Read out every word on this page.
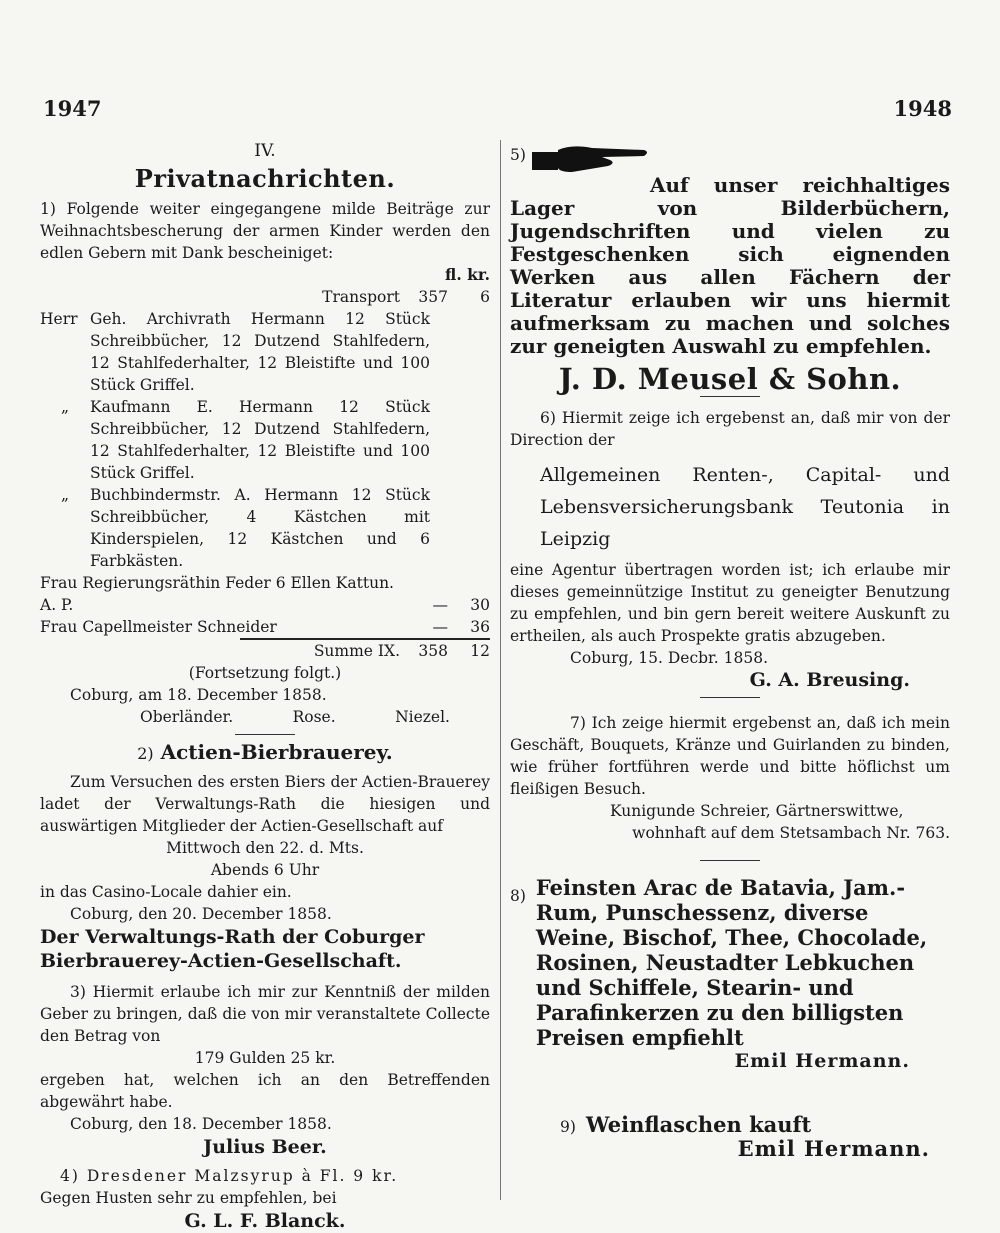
1947	1948
IV.
Privatnachrichten.

1) Folgende weiter eingegangene milde Beiträge zur Weihnachtsbescherung der armen Kinder werden den edlen Gebern mit Dank bescheiniget:

fl. kr.

Transport	357	6
Herr Geh. Archivrath Hermann 12 Stück Schreibbücher, 12 Dutzend Stahlfedern, 12 Stahlfederhalter, 12 Bleistifte und 100 Stück Griffel.
„	Kaufmann E. Hermann 12 Stück Schreibbücher, 12 Dutzend Stahlfedern, 12 Stahlfederhalter, 12 Bleistifte und 100 Stück Griffel.
„	Buchbindermstr. A. Hermann 12 Stück Schreibbücher, 4 Kästchen mit Kinderspielen, 12 Kästchen und 6 Farbkästen.

Frau Regierungsräthin Feder 6 Ellen Kattun.

A. P.	—	30
Frau Capellmeister Schneider	—	36
Summe IX.	358	12

(Fortsetzung folgt.)

Coburg, am 18. December 1858.

Oberländer.	Rose.	Niezel.
2) Actien-Bierbrauerey.

Zum Versuchen des ersten Biers der Actien-Brauerey ladet der Verwaltungs-Rath die hiesigen und auswärtigen Mitglieder der Actien-Gesellschaft auf

Mittwoch den 22. d. Mts.

Abends 6 Uhr

in das Casino-Locale dahier ein.

Coburg, den 20. December 1858.

Der Verwaltungs-Rath der Coburger Bierbrauerey-Actien-Gesellschaft.

3) Hiermit erlaube ich mir zur Kenntniß der milden Geber zu bringen, daß die von mir veranstaltete Collecte den Betrag von

179 Gulden 25 kr.

ergeben hat, welchen ich an den Betreffenden abgewährt habe.

Coburg, den 18. December 1858.

Julius Beer.

4) Dresdener Malzsyrup à Fl. 9 kr.

Gegen Husten sehr zu empfehlen, bei

G. L. F. Blanck.

5)

Auf unser reichhaltiges Lager von Bilderbüchern, Jugendschriften und vielen zu Festgeschenken sich eignenden Werken aus allen Fächern der Literatur erlauben wir uns hiermit aufmerksam zu machen und solches zur geneigten Auswahl zu empfehlen.

J. D. Meusel & Sohn.

6) Hiermit zeige ich ergebenst an, daß mir von der Direction der

Allgemeinen Renten-, Capital- und Lebensversicherungsbank Teutonia in Leipzig

eine Agentur übertragen worden ist; ich erlaube mir dieses gemeinnützige Institut zu geneigter Benutzung zu empfehlen, und bin gern bereit weitere Auskunft zu ertheilen, als auch Prospekte gratis abzugeben.

Coburg, 15. Decbr. 1858.

G. A. Breusing.

7) Ich zeige hiermit ergebenst an, daß ich mein Geschäft, Bouquets, Kränze und Guirlanden zu binden, wie früher fortführen werde und bitte höflichst um fleißigen Besuch.

Kunigunde Schreier, Gärtnerswittwe,

wohnhaft auf dem Stetsambach Nr. 763.

8) Feinsten Arac de Batavia, Jam.-Rum, Punschessenz, diverse Weine, Bischof, Thee, Chocolade, Rosinen, Neustadter Lebkuchen und Schiffele, Stearin- und Parafinkerzen zu den billigsten Preisen empfiehlt

Emil Hermann.

9) Weinflaschen kauft

Emil Hermann.
